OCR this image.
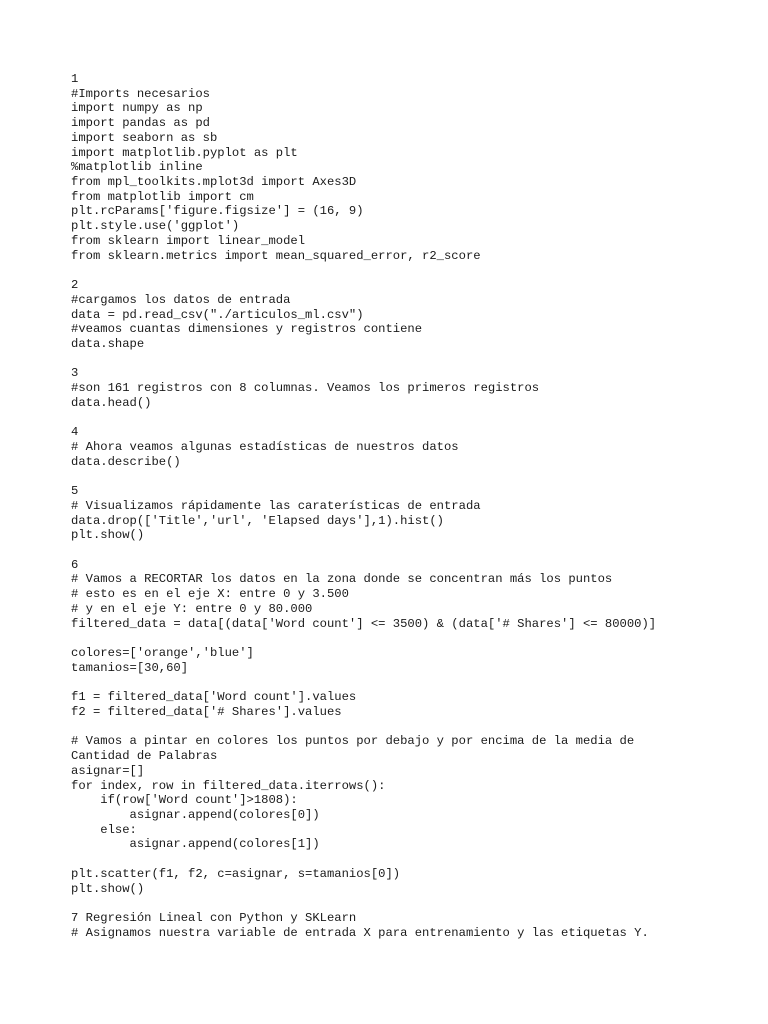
1
#Imports necesarios
import numpy as np
import pandas as pd
import seaborn as sb
import matplotlib.pyplot as plt
%matplotlib inline
from mpl_toolkits.mplot3d import Axes3D
from matplotlib import cm
plt.rcParams['figure.figsize'] = (16, 9)
plt.style.use('ggplot')
from sklearn import linear_model
from sklearn.metrics import mean_squared_error, r2_score
2
#cargamos los datos de entrada
data = pd.read_csv("./articulos_ml.csv")
#veamos cuantas dimensiones y registros contiene
data.shape
3
#son 161 registros con 8 columnas. Veamos los primeros registros
data.head()
4
# Ahora veamos algunas estadísticas de nuestros datos
data.describe()
5
# Visualizamos rápidamente las caraterísticas de entrada
data.drop(['Title','url', 'Elapsed days'],1).hist()
plt.show()
6
# Vamos a RECORTAR los datos en la zona donde se concentran más los puntos
# esto es en el eje X: entre 0 y 3.500
# y en el eje Y: entre 0 y 80.000
filtered_data = data[(data['Word count'] <= 3500) & (data['# Shares'] <= 80000)]
colores=['orange','blue']
tamanios=[30,60]
f1 = filtered_data['Word count'].values
f2 = filtered_data['# Shares'].values
# Vamos a pintar en colores los puntos por debajo y por encima de la media de
Cantidad de Palabras
asignar=[]
for index, row in filtered_data.iterrows():
if(row['Word count']>1808):
asignar.append(colores[0])
else:
asignar.append(colores[1])
plt.scatter(f1, f2, c=asignar, s=tamanios[0])
plt.show()
7 Regresión Lineal con Python y SKLearn
# Asignamos nuestra variable de entrada X para entrenamiento y las etiquetas Y.
